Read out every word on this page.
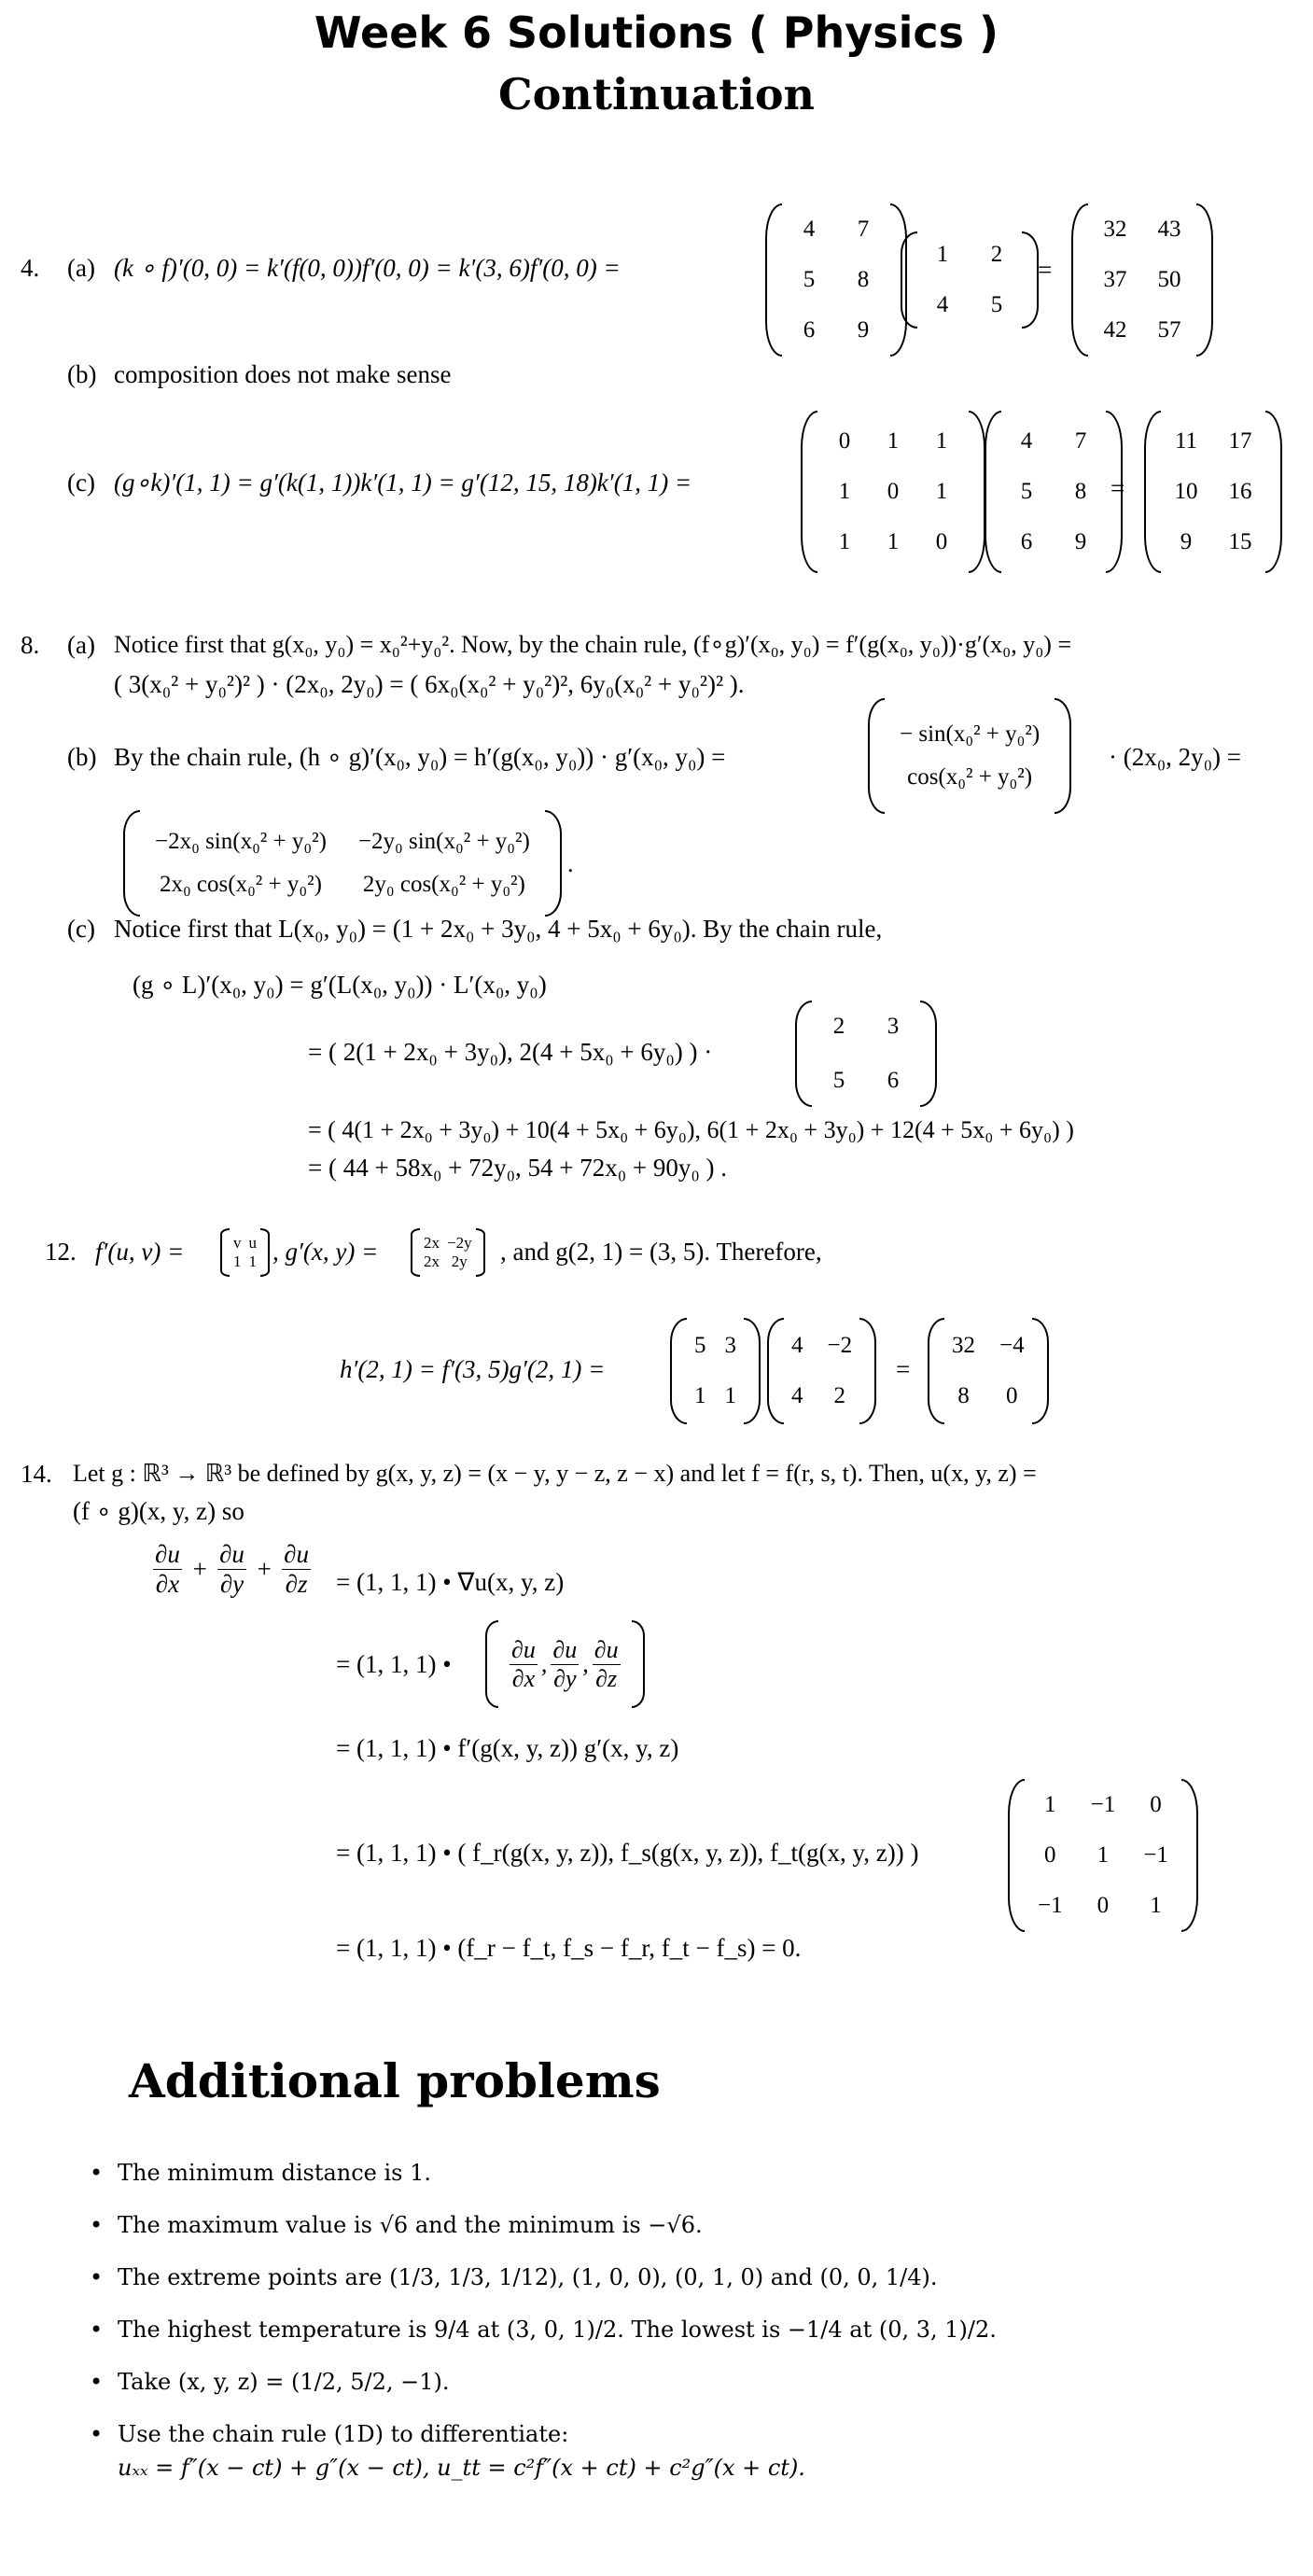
Week 6 Solutions ( Physics )
Continuation
4. (a) (k ∘ f)′(0, 0) = k′(f(0, 0))f′(0, 0) = k′(3, 6)f′(0, 0) =
4	7
5	8
6	9
1	2
4	5
=
32 43
37 50
42 57
(b) composition does not make sense
(c) (g∘k)′(1, 1) = g′(k(1, 1))k′(1, 1) = g′(12, 15, 18)k′(1, 1) =
0	1	1
1	0	1
1	1	0
4	7
5	8
6	9
=
11 17
10 16
9	15
8. (a) Notice first that g(x₀, y₀) = x₀²+y₀². Now, by the chain rule, (f∘g)′(x₀, y₀) = f′(g(x₀, y₀))·g′(x₀, y₀) =
( 3(x₀² + y₀²)² ) · (2x₀, 2y₀) = ( 6x₀(x₀² + y₀²)², 6y₀(x₀² + y₀²)² ).
(b) By the chain rule, (h ∘ g)′(x₀, y₀) = h′(g(x₀, y₀)) · g′(x₀, y₀) =
− sin(x₀² + y₀²)
cos(x₀² + y₀²)
· (2x₀, 2y₀) =
−2x₀ sin(x₀² + y₀²) −2y₀ sin(x₀² + y₀²)
2x₀ cos(x₀² + y₀²) 2y₀ cos(x₀² + y₀²)
.
(c) Notice first that L(x₀, y₀) = (1 + 2x₀ + 3y₀, 4 + 5x₀ + 6y₀). By the chain rule,
(g ∘ L)′(x₀, y₀) = g′(L(x₀, y₀)) · L′(x₀, y₀)
= ( 2(1 + 2x₀ + 3y₀), 2(4 + 5x₀ + 6y₀) ) ·
2	3
5	6
= ( 4(1 + 2x₀ + 3y₀) + 10(4 + 5x₀ + 6y₀), 6(1 + 2x₀ + 3y₀) + 12(4 + 5x₀ + 6y₀) )
= ( 44 + 58x₀ + 72y₀, 54 + 72x₀ + 90y₀ ) .
12. f′(u, v) =	v u
1 1 , g′(x, y) =	2x −2y
2x 2y , and g(2, 1) = (3, 5). Therefore,
h′(2, 1) = f′(3, 5)g′(2, 1) =
5 3
1 1
4 −2
4 2
=
32 −4
8 0
14. Let g : ℝ³ → ℝ³ be defined by g(x, y, z) = (x − y, y − z, z − x) and let f = f(r, s, t). Then, u(x, y, z) =
(f ∘ g)(x, y, z) so
$\frac{\partial u}{\partial x} + \frac{\partial u}{\partial y} + \frac{\partial u}{\partial z} = (1$, 1, 1) • ∇u(x, y, z)
= (1, 1, 1) • $\frac{\partial u}{\partial x}$ , $\frac{\partial u}{\partial y}$ , $\frac{\partial u}{\partial z}$
= (1, 1, 1) • f′(g(x, y, z)) g′(x, y, z)
= (1, 1, 1) • ( f_r(g(x, y, z)), f_s(g(x, y, z)), f_t(g(x, y, z)) )
1 −1 0
0 1 −1
−1 0 1
= (1, 1, 1) • (f_r − f_t, f_s − f_r, f_t − f_s) = 0.
Additional problems
• The minimum distance is 1.
• The maximum value is √6 and the minimum is −√6.
• The extreme points are (1/3, 1/3, 1/12), (1, 0, 0), (0, 1, 0) and (0, 0, 1/4).
• The highest temperature is 9/4 at (3, 0, 1)/2. The lowest is −1/4 at (0, 3, 1)/2.
• Take (x, y, z) = (1/2, 5/2, −1).
• Use the chain rule (1D) to differentiate:
uₓₓ = f″(x − ct) + g″(x − ct), u_tt = c²f″(x + ct) + c²g″(x + ct).
